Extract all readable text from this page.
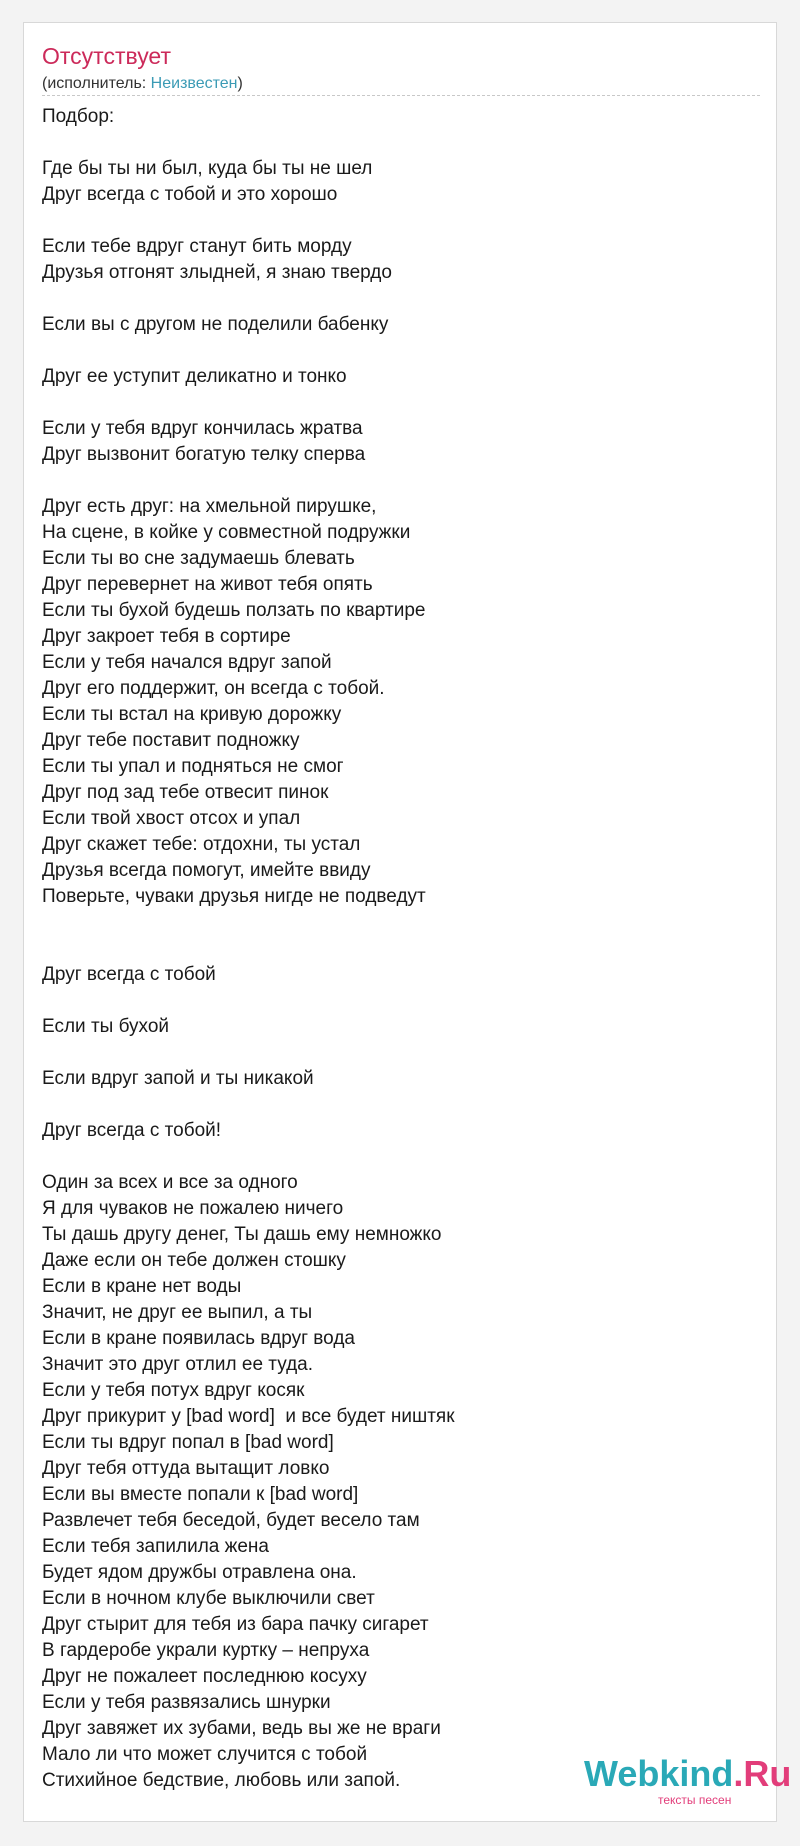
Отсутствует
(исполнитель: Неизвестен)
Подбор:

Где бы ты ни был, куда бы ты не шел
Друг всегда с тобой и это хорошо

Если тебе вдруг станут бить морду
Друзья отгонят злыдней, я знаю твердо

Если вы с другом не поделили бабенку

Друг ее уступит деликатно и тонко

Если у тебя вдруг кончилась жратва
Друг вызвонит богатую телку сперва

Друг есть друг: на хмельной пирушке,
На сцене, в койке у совместной подружки
Если ты во сне задумаешь блевать
Друг перевернет на живот тебя опять
Если ты бухой будешь ползать по квартире
Друг закроет тебя в сортире
Если у тебя начался вдруг запой
Друг его поддержит, он всегда с тобой.
Если ты встал на кривую дорожку
Друг тебе поставит подножку
Если ты упал и подняться не смог
Друг под зад тебе отвесит пинок
Если твой хвост отсох и упал
Друг скажет тебе: отдохни, ты устал
Друзья всегда помогут, имейте ввиду
Поверьте, чуваки друзья нигде не подведут

Друг всегда с тобой

Если ты бухой

Если вдруг запой и ты никакой

Друг всегда с тобой!

Один за всех и все за одного
Я для чуваков не пожалею ничего
Ты дашь другу денег, Ты дашь ему немножко
Даже если он тебе должен стошку
Если в кране нет воды
Значит, не друг ее выпил, а ты
Если в кране появилась вдруг вода
Значит это друг отлил ее туда.
Если у тебя потух вдруг косяк
Друг прикурит у [bad word]  и все будет ништяк
Если ты вдруг попал в [bad word]
Друг тебя оттуда вытащит ловко
Если вы вместе попали к [bad word]
Развлечет тебя беседой, будет весело там
Если тебя запилила жена
Будет ядом дружбы отравлена она.
Если в ночном клубе выключили свет
Друг стырит для тебя из бара пачку сигарет
В гардеробе украли куртку – непруха
Друг не пожалеет последнюю косуху
Если у тебя развязались шнурки
Друг завяжет их зубами, ведь вы же не враги
Мало ли что может случится с тобой
Стихийное бедствие, любовь или запой.	Webkind.Ru
тексты песен
